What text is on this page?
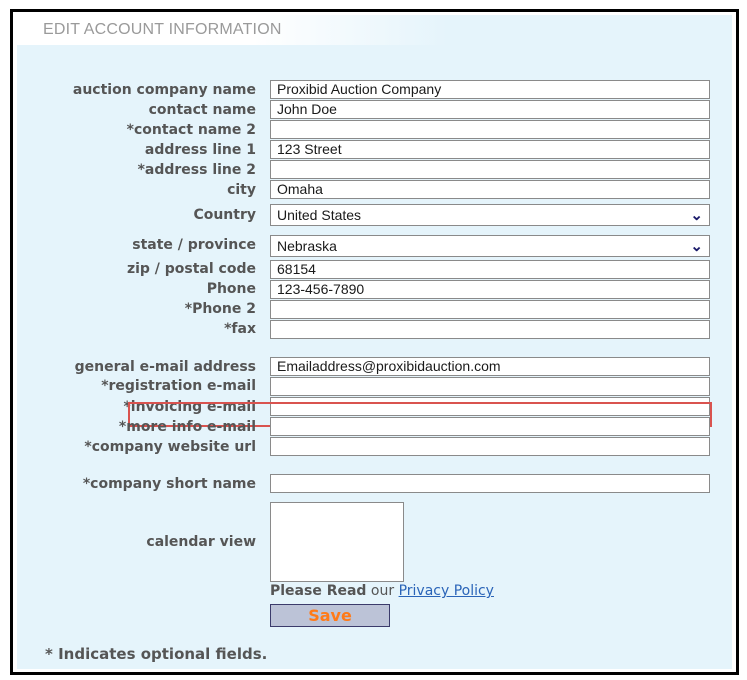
EDIT ACCOUNT INFORMATION
auction company name	Proxibid Auction Company
contact name	John Doe
*contact name 2
address line 1	123 Street
*address line 2
city	Omaha
Country	United States	⌄
state / province	Nebraska	⌄
zip / postal code	68154
Phone	123-456-7890
*Phone 2
*fax
general e-mail address	Emailaddress@proxibidauction.com
*registration e-mail
*invoicing e-mail
*more info e-mail
*company website url
*company short name
calendar view
Please Read our Privacy Policy
Save
* Indicates optional fields.
